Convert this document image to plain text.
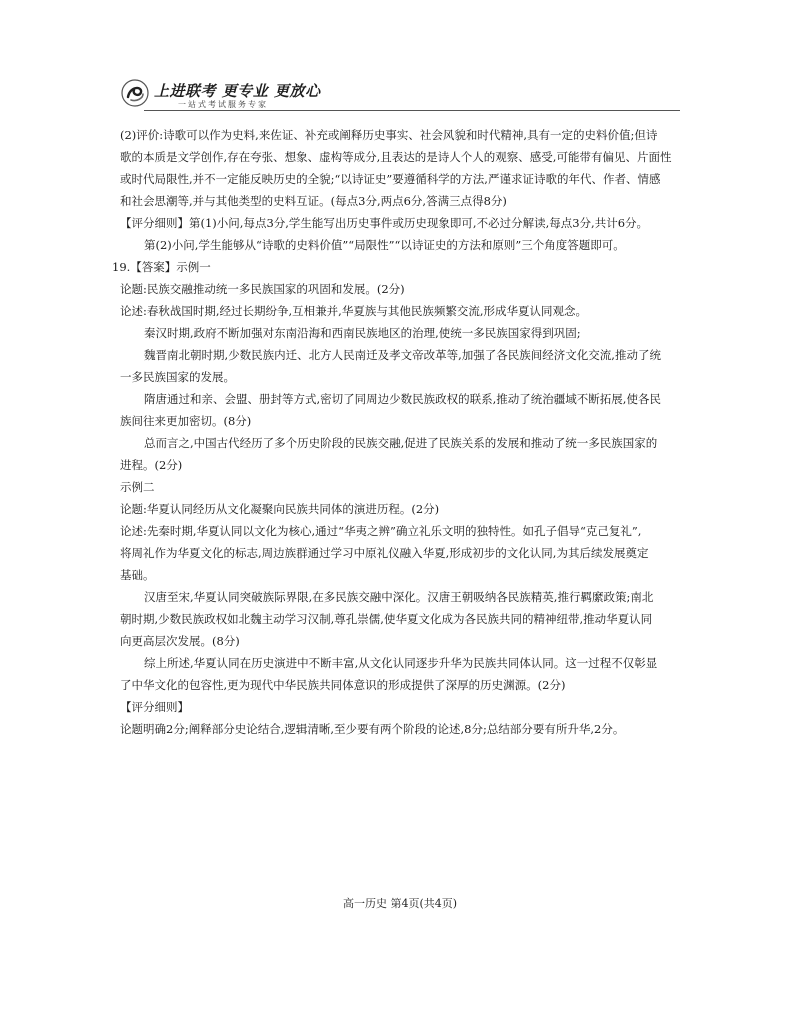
上进联考 更专业 更放心
一站式考试服务专家
(2)评价:诗歌可以作为史料,来佐证、补充或阐释历史事实、社会风貌和时代精神,具有一定的史料价值;但诗
歌的本质是文学创作,存在夸张、想象、虚构等成分,且表达的是诗人个人的观察、感受,可能带有偏见、片面性
或时代局限性,并不一定能反映历史的全貌;“以诗证史”要遵循科学的方法,严谨求证诗歌的年代、作者、情感
和社会思潮等,并与其他类型的史料互证。(每点3分,两点6分,答满三点得8分)
【评分细则】第(1)小问,每点3分,学生能写出历史事件或历史现象即可,不必过分解读,每点3分,共计6分。
第(2)小问,学生能够从“诗歌的史料价值”“局限性”“以诗证史的方法和原则”三个角度答题即可。
19.【答案】示例一
论题:民族交融推动统一多民族国家的巩固和发展。(2分)
论述:春秋战国时期,经过长期纷争,互相兼并,华夏族与其他民族频繁交流,形成华夏认同观念。
秦汉时期,政府不断加强对东南沿海和西南民族地区的治理,使统一多民族国家得到巩固;
魏晋南北朝时期,少数民族内迁、北方人民南迁及孝文帝改革等,加强了各民族间经济文化交流,推动了统
一多民族国家的发展。
隋唐通过和亲、会盟、册封等方式,密切了同周边少数民族政权的联系,推动了统治疆域不断拓展,使各民
族间往来更加密切。(8分)
总而言之,中国古代经历了多个历史阶段的民族交融,促进了民族关系的发展和推动了统一多民族国家的
进程。(2分)
示例二
论题:华夏认同经历从文化凝聚向民族共同体的演进历程。(2分)
论述:先秦时期,华夏认同以文化为核心,通过“华夷之辨”确立礼乐文明的独特性。如孔子倡导“克己复礼”,
将周礼作为华夏文化的标志,周边族群通过学习中原礼仪融入华夏,形成初步的文化认同,为其后续发展奠定
基础。
汉唐至宋,华夏认同突破族际界限,在多民族交融中深化。汉唐王朝吸纳各民族精英,推行羁縻政策;南北
朝时期,少数民族政权如北魏主动学习汉制,尊孔崇儒,使华夏文化成为各民族共同的精神纽带,推动华夏认同
向更高层次发展。(8分)
综上所述,华夏认同在历史演进中不断丰富,从文化认同逐步升华为民族共同体认同。这一过程不仅彰显
了中华文化的包容性,更为现代中华民族共同体意识的形成提供了深厚的历史渊源。(2分)
【评分细则】
论题明确2分;阐释部分史论结合,逻辑清晰,至少要有两个阶段的论述,8分;总结部分要有所升华,2分。
高一历史 第4页(共4页)
